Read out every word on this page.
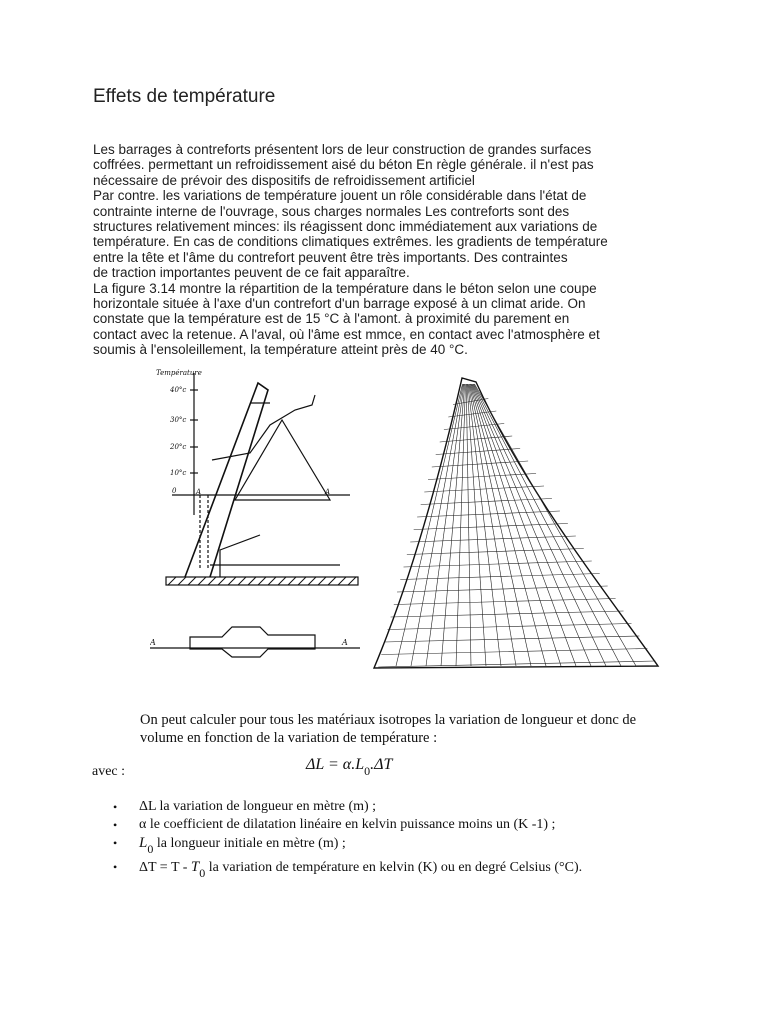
Effets de température

Les barrages à contreforts présentent lors de leur construction de grandes surfaces
coffrées. permettant un refroidissement aisé du béton En règle générale. il n'est pas
nécessaire de prévoir des dispositifs de refroidissement artificiel
Par contre. les variations de température jouent un rôle considérable dans l'état de
contrainte interne de l'ouvrage, sous charges normales Les contreforts sont des
structures relativement minces: ils réagissent donc immédiatement aux variations de
température. En cas de conditions climatiques extrêmes. les gradients de température
entre la tête et l'âme du contrefort peuvent être très importants. Des contraintes
de traction importantes peuvent de ce fait apparaître.
La figure 3.14 montre la répartition de la température dans le béton selon une coupe
horizontale située à l'axe d'un contrefort d'un barrage exposé à un climat aride. On
constate que la température est de 15 °C à l'amont. à proximité du parement en
contact avec la retenue. A l'aval, où l'âme est mmce, en contact avec l'atmosphère et
soumis à l'ensoleillement, la température atteint près de 40 °C.

Température
40°c
30°c
20°c
10°c
0	A	A
A	A

On peut calculer pour tous les matériaux isotropes la variation de longueur et donc de
volume en fonction de la variation de température :

avec :	$\Delta L = \alpha.L_0.\Delta T$
• ΔL la variation de longueur en mètre (m) ;
• α le coefficient de dilatation linéaire en kelvin puissance moins un (K -1) ;
• $L_0$ la longueur initiale en mètre (m) ;
• $\Delta T = T - T_0$ la variation de température en kelvin (K) ou en degré Celsius (°C).
